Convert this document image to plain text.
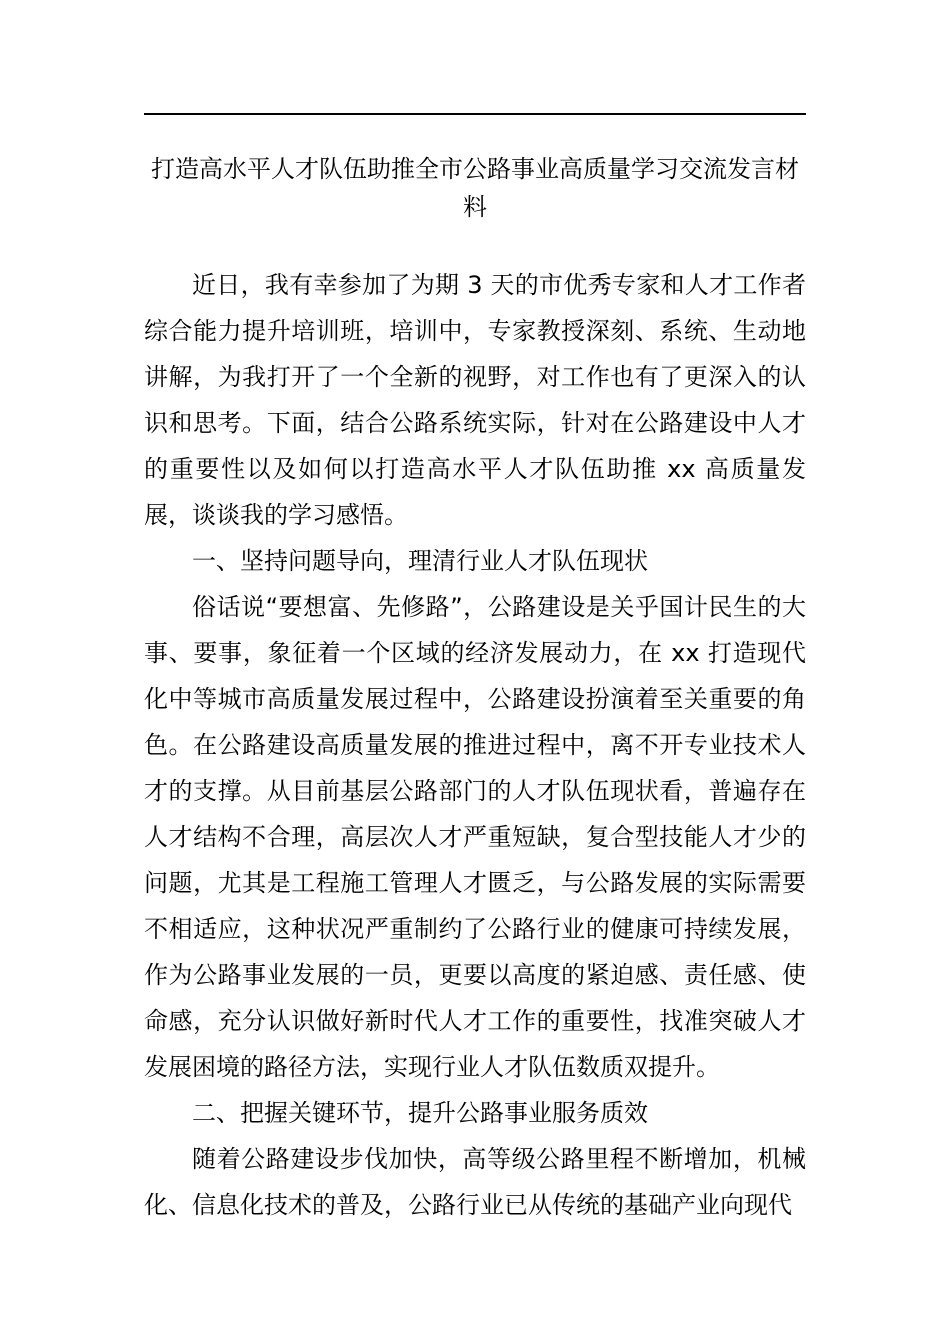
打造高水平人才队伍助推全市公路事业高质量学习交流发言材料

近日，我有幸参加了为期 3 天的市优秀专家和人才工作者综合能力提升培训班，培训中，专家教授深刻、系统、生动地讲解，为我打开了一个全新的视野，对工作也有了更深入的认识和思考。下面，结合公路系统实际，针对在公路建设中人才的重要性以及如何以打造高水平人才队伍助推 xx 高质量发展，谈谈我的学习感悟。

一、坚持问题导向，理清行业人才队伍现状

俗话说“要想富、先修路”，公路建设是关乎国计民生的大事、要事，象征着一个区域的经济发展动力，在 xx 打造现代化中等城市高质量发展过程中，公路建设扮演着至关重要的角色。在公路建设高质量发展的推进过程中，离不开专业技术人才的支撑。从目前基层公路部门的人才队伍现状看，普遍存在人才结构不合理，高层次人才严重短缺，复合型技能人才少的问题，尤其是工程施工管理人才匮乏，与公路发展的实际需要不相适应，这种状况严重制约了公路行业的健康可持续发展，作为公路事业发展的一员，更要以高度的紧迫感、责任感、使命感，充分认识做好新时代人才工作的重要性，找准突破人才发展困境的路径方法，实现行业人才队伍数质双提升。

二、把握关键环节，提升公路事业服务质效

随着公路建设步伐加快，高等级公路里程不断增加，机械化、信息化技术的普及，公路行业已从传统的基础产业向现代
